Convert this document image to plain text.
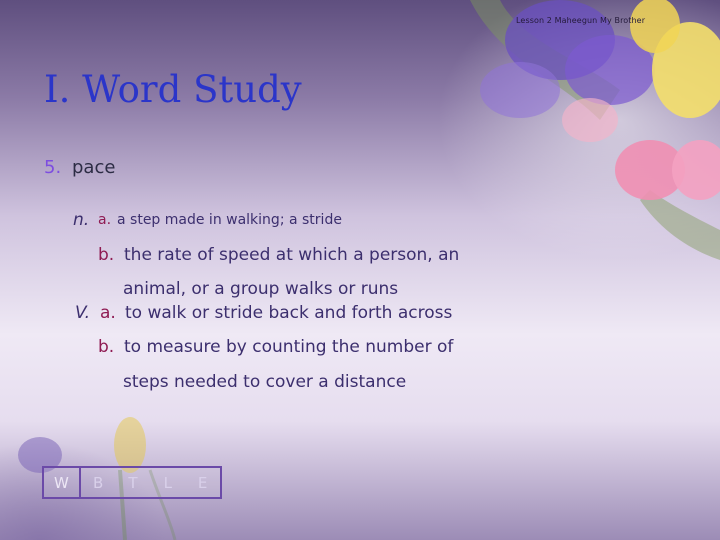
Lesson 2 Maheegun My Brother
I. Word Study
5. pace
n. a. a step made in walking; a stride
b. the rate of speed at which a person, an
animal, or a group walks or runs
V. a. to walk or stride back and forth across
b. to measure by counting the number of
steps needed to cover a distance
W	B	T	L	E
